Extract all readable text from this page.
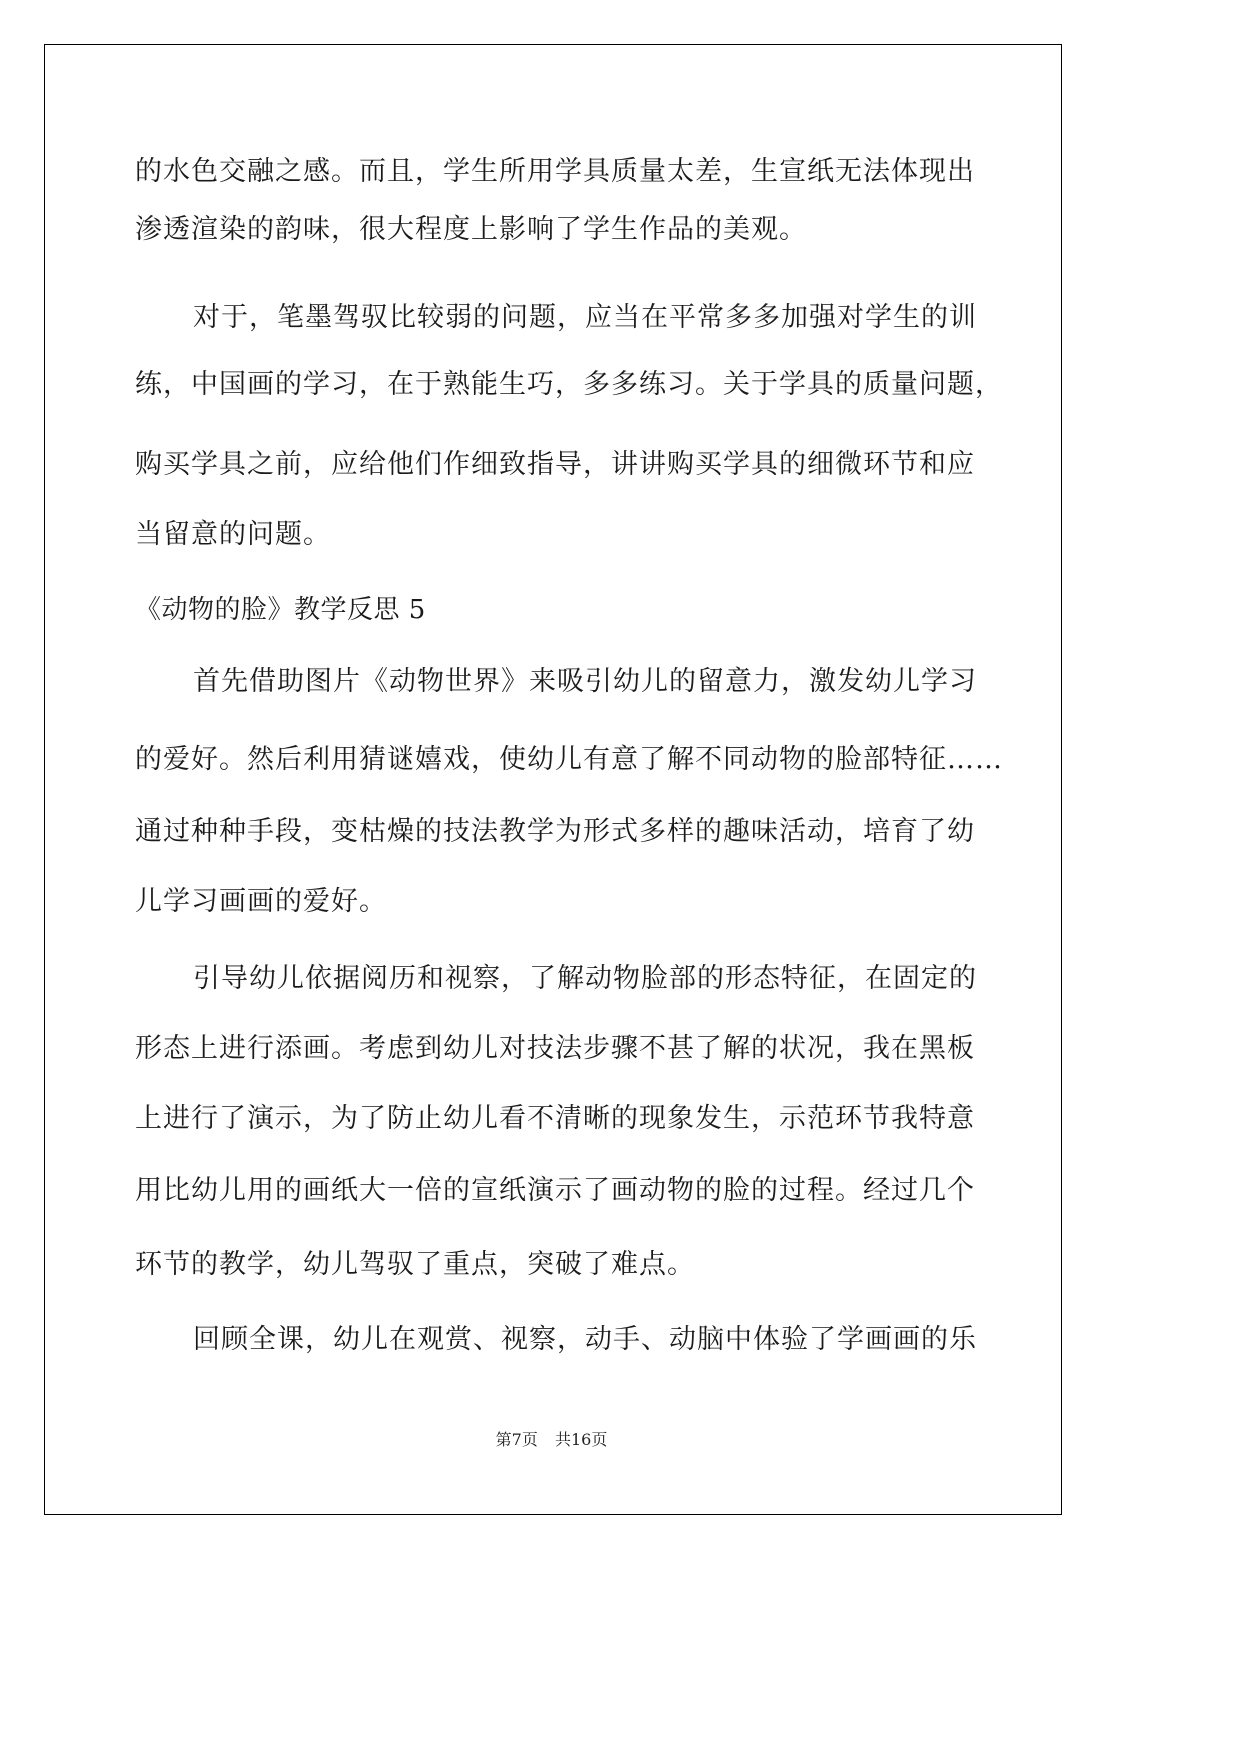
的水色交融之感。而且，学生所用学具质量太差，生宣纸无法体现出
渗透渲染的韵味，很大程度上影响了学生作品的美观。
对于，笔墨驾驭比较弱的问题，应当在平常多多加强对学生的训
练，中国画的学习，在于熟能生巧，多多练习。关于学具的质量问题，
购买学具之前，应给他们作细致指导，讲讲购买学具的细微环节和应
当留意的问题。
《动物的脸》教学反思 5
首先借助图片《动物世界》来吸引幼儿的留意力，激发幼儿学习
的爱好。然后利用猜谜嬉戏，使幼儿有意了解不同动物的脸部特征……
通过种种手段，变枯燥的技法教学为形式多样的趣味活动，培育了幼
儿学习画画的爱好。
引导幼儿依据阅历和视察，了解动物脸部的形态特征，在固定的
形态上进行添画。考虑到幼儿对技法步骤不甚了解的状况，我在黑板
上进行了演示，为了防止幼儿看不清晰的现象发生，示范环节我特意
用比幼儿用的画纸大一倍的宣纸演示了画动物的脸的过程。经过几个
环节的教学，幼儿驾驭了重点，突破了难点。
回顾全课，幼儿在观赏、视察，动手、动脑中体验了学画画的乐
第7页 共16页
